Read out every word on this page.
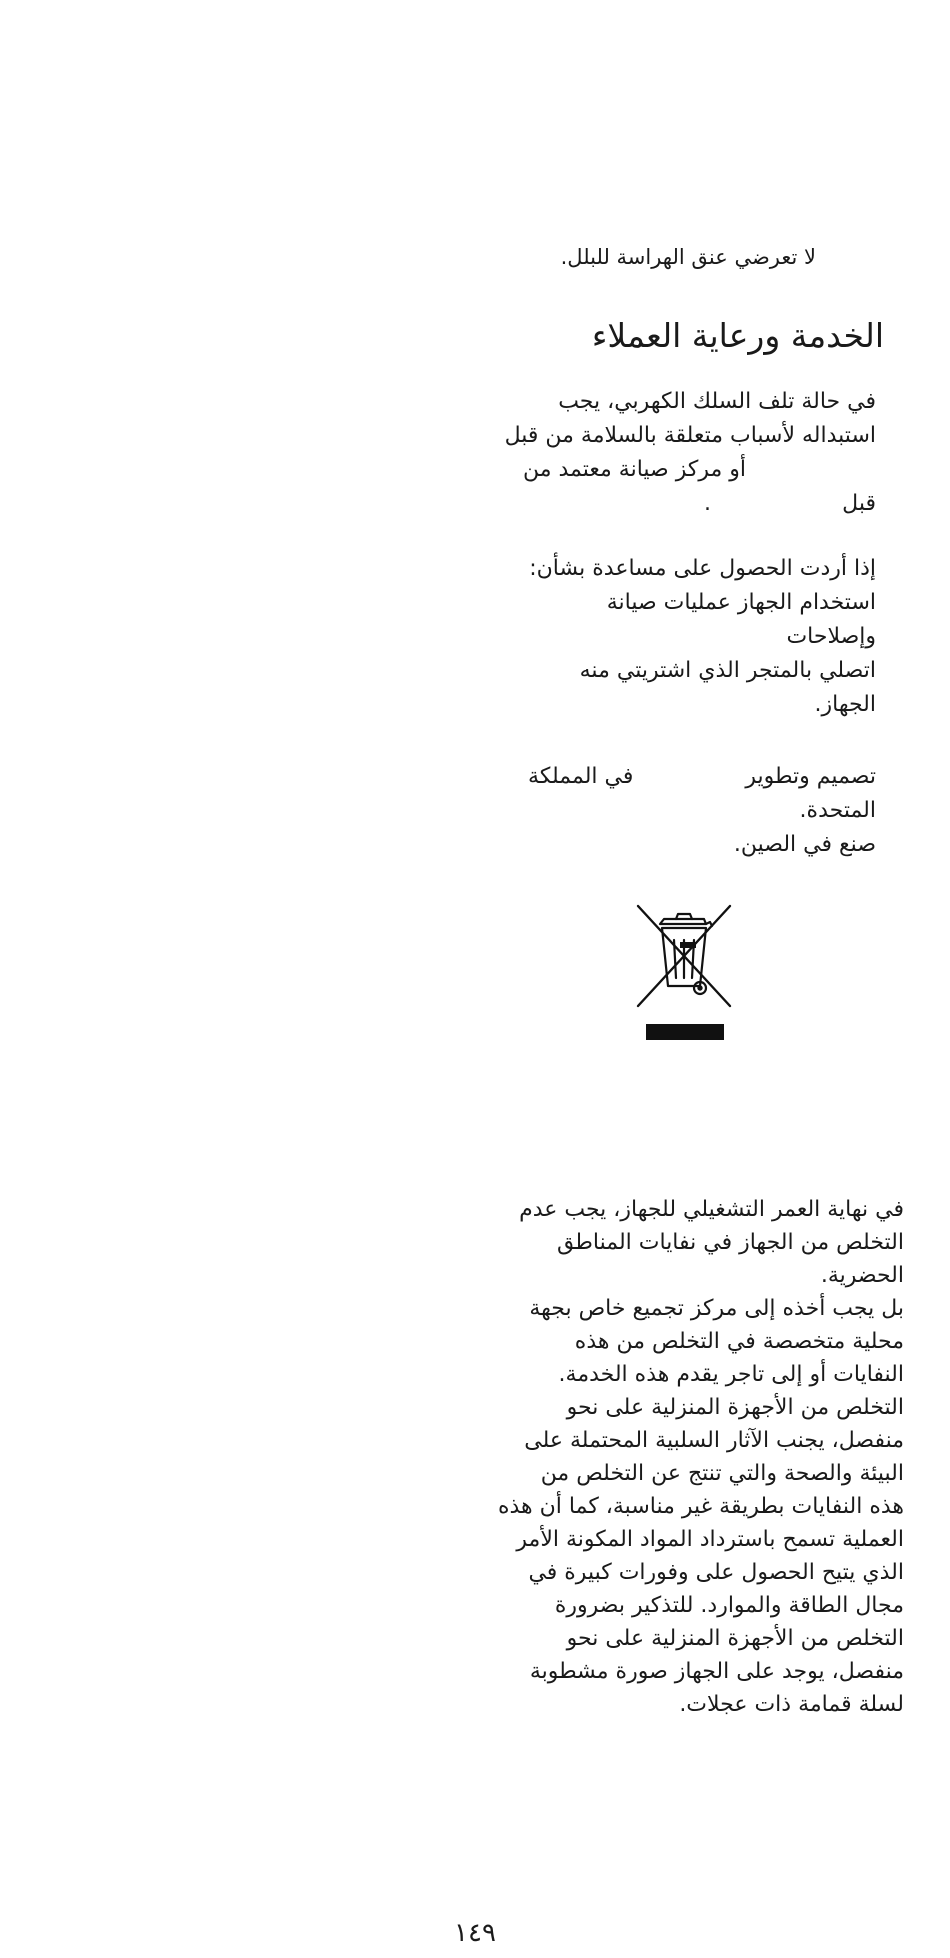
لا تعرضي عنق الهراسة للبلل.
الخدمة ورعاية العملاء
في حالة تلف السلك الكهربي، يجب
استبداله لأسباب متعلقة بالسلامة من قبل
أو مركز صيانة معتمد من
قبل
.
إذا أردت الحصول على مساعدة بشأن:
استخدام الجهاز عمليات صيانة
وإصلاحات
اتصلي بالمتجر الذي اشتريتي منه
الجهاز.
تصميم وتطويرفي المملكة
المتحدة.
صنع في الصين.
في نهاية العمر التشغيلي للجهاز، يجب عدم
التخلص من الجهاز في نفايات المناطق
الحضرية.
بل يجب أخذه إلى مركز تجميع خاص بجهة
محلية متخصصة في التخلص من هذه
النفايات أو إلى تاجر يقدم هذه الخدمة.
التخلص من الأجهزة المنزلية على نحو
منفصل، يجنب الآثار السلبية المحتملة على
البيئة والصحة والتي تنتج عن التخلص من
هذه النفايات بطريقة غير مناسبة، كما أن هذه
العملية تسمح باسترداد المواد المكونة الأمر
الذي يتيح الحصول على وفورات كبيرة في
مجال الطاقة والموارد. للتذكير بضرورة
التخلص من الأجهزة المنزلية على نحو
منفصل، يوجد على الجهاز صورة مشطوبة
لسلة قمامة ذات عجلات.
١٤٩
